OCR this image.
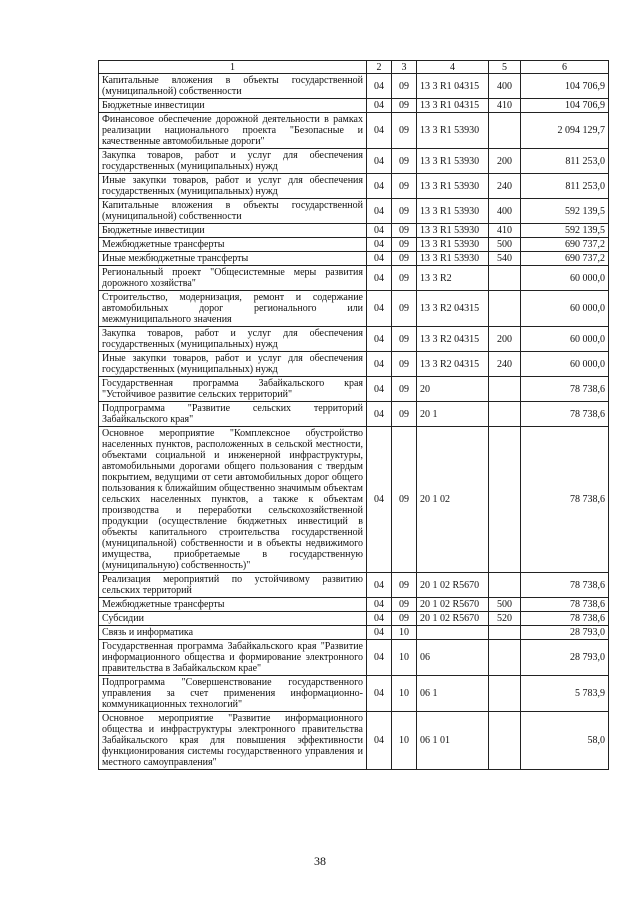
1	2	3	4	5	6
Капитальные вложения в объекты государственной (муниципальной) собственности	04	09	13 3 R1 04315	400	104 706,9
Бюджетные инвестиции	04	09	13 3 R1 04315	410	104 706,9
Финансовое обеспечение дорожной деятельности в рамках реализации национального проекта "Безопасные и качественные автомобильные дороги"	04	09	13 3 R1 53930		2 094 129,7
Закупка товаров, работ и услуг для обеспечения государственных (муниципальных) нужд	04	09	13 3 R1 53930	200	811 253,0
Иные закупки товаров, работ и услуг для обеспечения государственных (муниципальных) нужд	04	09	13 3 R1 53930	240	811 253,0
Капитальные вложения в объекты государственной (муниципальной) собственности	04	09	13 3 R1 53930	400	592 139,5
Бюджетные инвестиции	04	09	13 3 R1 53930	410	592 139,5
Межбюджетные трансферты	04	09	13 3 R1 53930	500	690 737,2
Иные межбюджетные трансферты	04	09	13 3 R1 53930	540	690 737,2
Региональный проект "Общесистемные меры развития дорожного хозяйства"	04	09	13 3 R2		60 000,0
Строительство, модернизация, ремонт и содержание автомобильных дорог регионального или межмуниципального значения	04	09	13 3 R2 04315		60 000,0
Закупка товаров, работ и услуг для обеспечения государственных (муниципальных) нужд	04	09	13 3 R2 04315	200	60 000,0
Иные закупки товаров, работ и услуг для обеспечения государственных (муниципальных) нужд	04	09	13 3 R2 04315	240	60 000,0
Государственная программа Забайкальского края "Устойчивое развитие сельских территорий"	04	09	20		78 738,6
Подпрограмма "Развитие сельских территорий Забайкальского края"	04	09	20 1		78 738,6
Основное мероприятие "Комплексное обустройство населенных пунктов, расположенных в сельской местности, объектами социальной и инженерной инфраструктуры, автомобильными дорогами общего пользования с твердым покрытием, ведущими от сети автомобильных дорог общего пользования к ближайшим общественно значимым объектам сельских населенных пунктов, а также к объектам производства и переработки сельскохозяйственной продукции (осуществление бюджетных инвестиций в объекты капитального строительства государственной (муниципальной) собственности и в объекты недвижимого имущества, приобретаемые в государственную (муниципальную) собственность)"	04	09	20 1 02		78 738,6
Реализация мероприятий по устойчивому развитию сельских территорий	04	09	20 1 02 R5670		78 738,6
Межбюджетные трансферты	04	09	20 1 02 R5670	500	78 738,6
Субсидии	04	09	20 1 02 R5670	520	78 738,6
Связь и информатика	04	10			28 793,0
Государственная программа Забайкальского края "Развитие информационного общества и формирование электронного правительства в Забайкальском крае"	04	10	06		28 793,0
Подпрограмма "Совершенствование государственного управления за счет применения информационно-коммуникационных технологий"	04	10	06 1		5 783,9
Основное мероприятие "Развитие информационного общества и инфраструктуры электронного правительства Забайкальского края для повышения эффективности функционирования системы государственного управления и местного самоуправления"	04	10	06 1 01		58,0
38
